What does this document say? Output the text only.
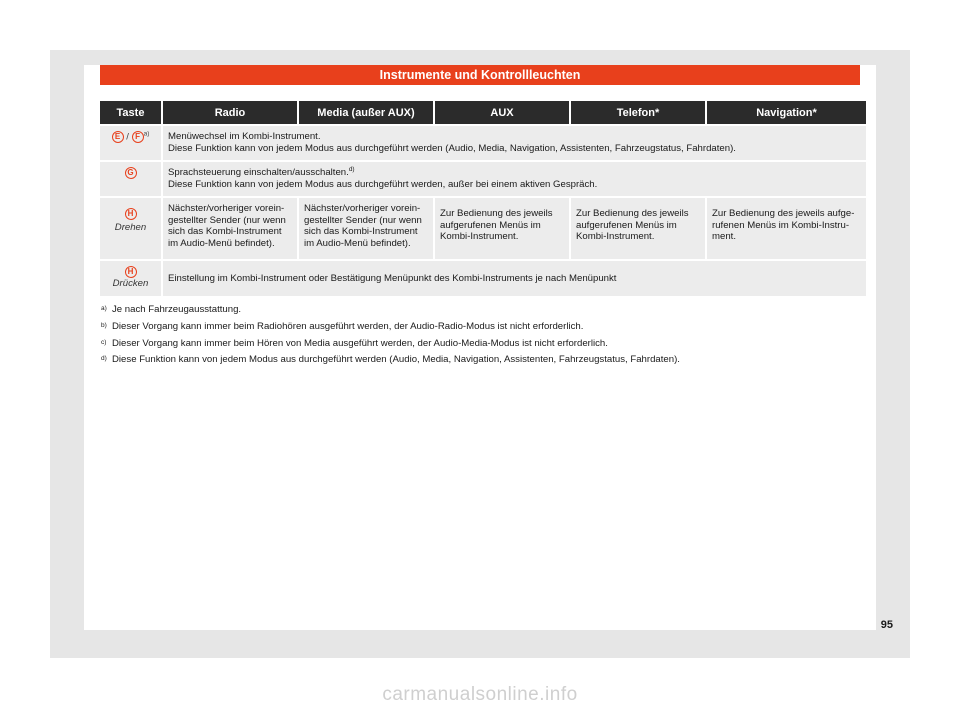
Instrumente und Kontrollleuchten
Taste	Radio	Media (außer AUX)	AUX	Telefon*	Navigation*
E / F $^{a)}$	Menüwechsel im Kombi-Instrument.
Diese Funktion kann von jedem Modus aus durchgeführt werden (Audio, Media, Navigation, Assistenten, Fahrzeugstatus, Fahrdaten).				
G	Sprachsteuerung einschalten/ausschalten.$^{d)}$
Diese Funktion kann von jedem Modus aus durchgeführt werden, außer bei einem aktiven Gespräch.				
H
Drehen	Nächster/vorheriger voreingestellter Sender (nur wenn sich das Kombi-Instrument im Audio-Menü befindet).	Nächster/vorheriger voreingestellter Sender (nur wenn sich das Kombi-Instrument im Audio-Menü befindet).	Zur Bedienung des jeweils aufgerufenen Menüs im Kombi-Instrument.	Zur Bedienung des jeweils aufgerufenen Menüs im Kombi-Instrument.	Zur Bedienung des jeweils aufgerufenen Menüs im Kombi-Instrument.
H
Drücken	Einstellung im Kombi-Instrument oder Bestätigung Menüpunkt des Kombi-Instruments je nach Menüpunkt				
a) Je nach Fahrzeugausstattung.
b) Dieser Vorgang kann immer beim Radiohören ausgeführt werden, der Audio-Radio-Modus ist nicht erforderlich.
c) Dieser Vorgang kann immer beim Hören von Media ausgeführt werden, der Audio-Media-Modus ist nicht erforderlich.
d) Diese Funktion kann von jedem Modus aus durchgeführt werden (Audio, Media, Navigation, Assistenten, Fahrzeugstatus, Fahrdaten).
95
carmanualsonline.info
